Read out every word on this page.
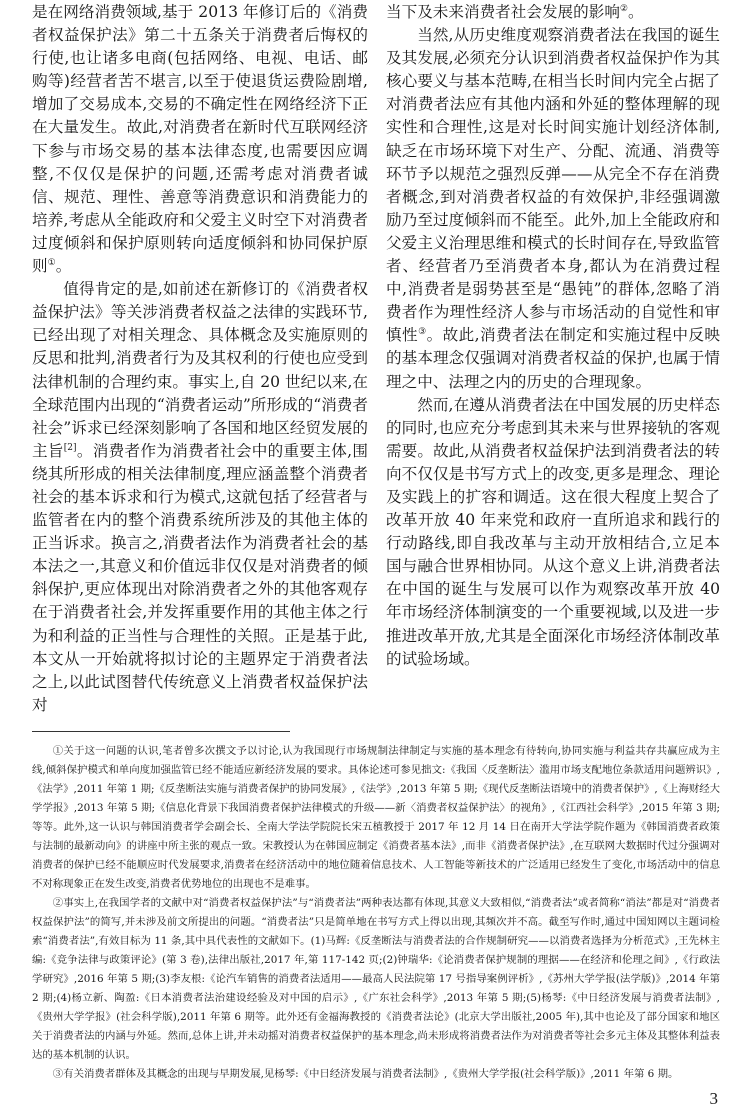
是在网络消费领域,基于 2013 年修订后的《消费者权益保护法》第二十五条关于消费者后悔权的行使,也让诸多电商(包括网络、电视、电话、邮购等)经营者苦不堪言,以至于使退货运费险剧增,增加了交易成本,交易的不确定性在网络经济下正在大量发生。故此,对消费者在新时代互联网经济下参与市场交易的基本法律态度,也需要因应调整,不仅仅是保护的问题,还需考虑对消费者诚信、规范、理性、善意等消费意识和消费能力的培养,考虑从全能政府和父爱主义时空下对消费者过度倾斜和保护原则转向适度倾斜和协同保护原则①。

值得肯定的是,如前述在新修订的《消费者权益保护法》等关涉消费者权益之法律的实践环节,已经出现了对相关理念、具体概念及实施原则的反思和批判,消费者行为及其权利的行使也应受到法律机制的合理约束。事实上,自 20 世纪以来,在全球范围内出现的“消费者运动”所形成的“消费者社会”诉求已经深刻影响了各国和地区经贸发展的主旨[2]。消费者作为消费者社会中的重要主体,围绕其所形成的相关法律制度,理应涵盖整个消费者社会的基本诉求和行为模式,这就包括了经营者与监管者在内的整个消费系统所涉及的其他主体的正当诉求。换言之,消费者法作为消费者社会的基本法之一,其意义和价值远非仅仅是对消费者的倾斜保护,更应体现出对除消费者之外的其他客观存在于消费者社会,并发挥重要作用的其他主体之行为和利益的正当性与合理性的关照。正是基于此,本文从一开始就将拟讨论的主题界定于消费者法之上,以此试图替代传统意义上消费者权益保护法对

当下及未来消费者社会发展的影响②。

当然,从历史维度观察消费者法在我国的诞生及其发展,必须充分认识到消费者权益保护作为其核心要义与基本范畴,在相当长时间内完全占据了对消费者法应有其他内涵和外延的整体理解的现实性和合理性,这是对长时间实施计划经济体制,缺乏在市场环境下对生产、分配、流通、消费等环节予以规范之强烈反弹——从完全不存在消费者概念,到对消费者权益的有效保护,非经强调激励乃至过度倾斜而不能至。此外,加上全能政府和父爱主义治理思维和模式的长时间存在,导致监管者、经营者乃至消费者本身,都认为在消费过程中,消费者是弱势甚至是“愚钝”的群体,忽略了消费者作为理性经济人参与市场活动的自觉性和审慎性③。故此,消费者法在制定和实施过程中反映的基本理念仅强调对消费者权益的保护,也属于情理之中、法理之内的历史的合理现象。

然而,在遵从消费者法在中国发展的历史样态的同时,也应充分考虑到其未来与世界接轨的客观需要。故此,从消费者权益保护法到消费者法的转向不仅仅是书写方式上的改变,更多是理念、理论及实践上的扩容和调适。这在很大程度上契合了改革开放 40 年来党和政府一直所追求和践行的行动路线,即自我改革与主动开放相结合,立足本国与融合世界相协同。从这个意义上讲,消费者法在中国的诞生与发展可以作为观察改革开放 40 年市场经济体制演变的一个重要视域,以及进一步推进改革开放,尤其是全面深化市场经济体制改革的试验场域。

①关于这一问题的认识,笔者曾多次撰文予以讨论,认为我国现行市场规制法律制定与实施的基本理念有待转向,协同实施与利益共存共赢应成为主线,倾斜保护模式和单向度加强监管已经不能适应新经济发展的要求。具体论述可参见拙文:《我国〈反垄断法〉滥用市场支配地位条款适用问题辨识》,《法学》,2011 年第 1 期;《反垄断法实施与消费者保护的协同发展》,《法学》,2013 年第 5 期;《现代反垄断法语境中的消费者保护》,《上海财经大学学报》,2013 年第 5 期;《信息化背景下我国消费者保护法律模式的升级——新〈消费者权益保护法〉的视角》,《江西社会科学》,2015 年第 3 期;等等。此外,这一认识与韩国消费者学会副会长、全南大学法学院院长宋五植教授于 2017 年 12 月 14 日在南开大学法学院作题为《韩国消费者政策与法制的最新动向》的讲座中所主张的观点一致。宋教授认为在韩国应制定《消费者基本法》,而非《消费者保护法》,在互联网大数据时代过分强调对消费者的保护已经不能顺应时代发展要求,消费者在经济活动中的地位随着信息技术、人工智能等新技术的广泛适用已经发生了变化,市场活动中的信息不对称现象正在发生改变,消费者优势地位的出现也不是难事。

②事实上,在我国学者的文献中对“消费者权益保护法”与“消费者法”两种表达都有体现,其意义大致相似,“消费者法”或者简称“消法”都是对“消费者权益保护法”的简写,并未涉及前文所提出的问题。“消费者法”只是简单地在书写方式上得以出现,其频次并不高。截至写作时,通过中国知网以主题词检索“消费者法”,有效目标为 11 条,其中具代表性的文献如下。(1)马辉:《反垄断法与消费者法的合作规制研究——以消费者选择为分析范式》,王先林主编:《竞争法律与政策评论》(第 3 卷),法律出版社,2017 年,第 117-142 页;(2)钟瑞华:《论消费者保护规制的理据——在经济和伦理之间》,《行政法学研究》,2016 年第 5 期;(3)李友根:《论汽车销售的消费者法适用——最高人民法院第 17 号指导案例评析》,《苏州大学学报(法学版)》,2014 年第 2 期;(4)杨立新、陶盈:《日本消费者法治建设经验及对中国的启示》,《广东社会科学》,2013 年第 5 期;(5)杨琴:《中日经济发展与消费者法制》,《贵州大学学报》(社会科学版),2011 年第 6 期等。此外还有金福海教授的《消费者法论》(北京大学出版社,2005 年),其中也论及了部分国家和地区关于消费者法的内涵与外延。然而,总体上讲,并未动摇对消费者权益保护的基本理念,尚未形成将消费者法作为对消费者等社会多元主体及其整体利益表达的基本机制的认识。

③有关消费者群体及其概念的出现与早期发展,见杨琴:《中日经济发展与消费者法制》,《贵州大学学报(社会科学版)》,2011 年第 6 期。

3
